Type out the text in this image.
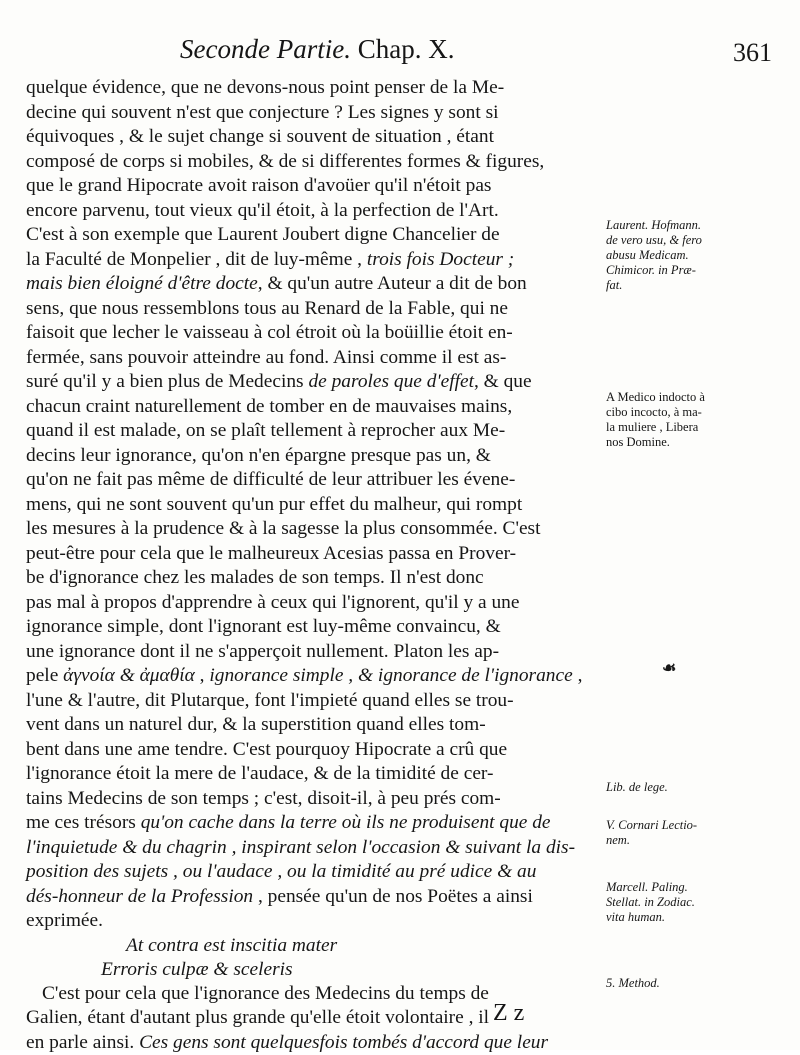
Seconde Partie. Chap. X.	361
quelque évidence, que ne devons-nous point penser de la Me-
decine qui souvent n'est que conjecture ? Les signes y sont si
équivoques , & le sujet change si souvent de situation , étant
composé de corps si mobiles, & de si differentes formes & figures,
que le grand Hipocrate avoit raison d'avoüer qu'il n'étoit pas
encore parvenu, tout vieux qu'il étoit, à la perfection de l'Art.
C'est à son exemple que Laurent Joubert digne Chancelier de
la Faculté de Monpelier , dit de luy-même , trois fois Docteur ;
mais bien éloigné d'être docte, & qu'un autre Auteur a dit de bon
sens, que nous ressemblons tous au Renard de la Fable, qui ne
faisoit que lecher le vaisseau à col étroit où la boüillie étoit en-
fermée, sans pouvoir atteindre au fond. Ainsi comme il est as-
suré qu'il y a bien plus de Medecins de paroles que d'effet, & que
chacun craint naturellement de tomber en de mauvaises mains,
quand il est malade, on se plaît tellement à reprocher aux Me-
decins leur ignorance, qu'on n'en épargne presque pas un, &
qu'on ne fait pas même de difficulté de leur attribuer les évene-
mens, qui ne sont souvent qu'un pur effet du malheur, qui rompt
les mesures à la prudence & à la sagesse la plus consommée. C'est
peut-être pour cela que le malheureux Acesias passa en Prover-
be d'ignorance chez les malades de son temps. Il n'est donc
pas mal à propos d'apprendre à ceux qui l'ignorent, qu'il y a une
ignorance simple, dont l'ignorant est luy-même convaincu, &
une ignorance dont il ne s'apperçoit nullement. Platon les ap-
pele ἀγνοία & ἀμαθία , ignorance simple , & ignorance de l'ignorance ,
l'une & l'autre, dit Plutarque, font l'impieté quand elles se trou-
vent dans un naturel dur, & la superstition quand elles tom-
bent dans une ame tendre. C'est pourquoy Hipocrate a crû que
l'ignorance étoit la mere de l'audace, & de la timidité de cer-
tains Medecins de son temps ; c'est, disoit-il, à peu prés com-
me ces trésors qu'on cache dans la terre où ils ne produisent que de
l'inquietude & du chagrin , inspirant selon l'occasion & suivant la dis-
position des sujets , ou l'audace , ou la timidité au pré udice & au
dés-honneur de la Profession , pensée qu'un de nos Poëtes a ainsi
exprimée.
At contra est inscitia mater
Erroris culpæ & sceleris
C'est pour cela que l'ignorance des Medecins du temps de
Galien, étant d'autant plus grande qu'elle étoit volontaire , il
en parle ainsi. Ces gens sont quelquesfois tombés d'accord que leur
Laurent. Hofmann.
de vero usu, & fero
abusu Medicam.
Chimicor. in Præ-
fat.
A Medico indocto à
cibo incocto, à ma-
la muliere , Libera
nos Domine.
Lib. de lege.
V. Cornari Lectio-
nem.
Marcell. Paling.
Stellat. in Zodiac.
vita human.
5. Method.
☙
Z z
